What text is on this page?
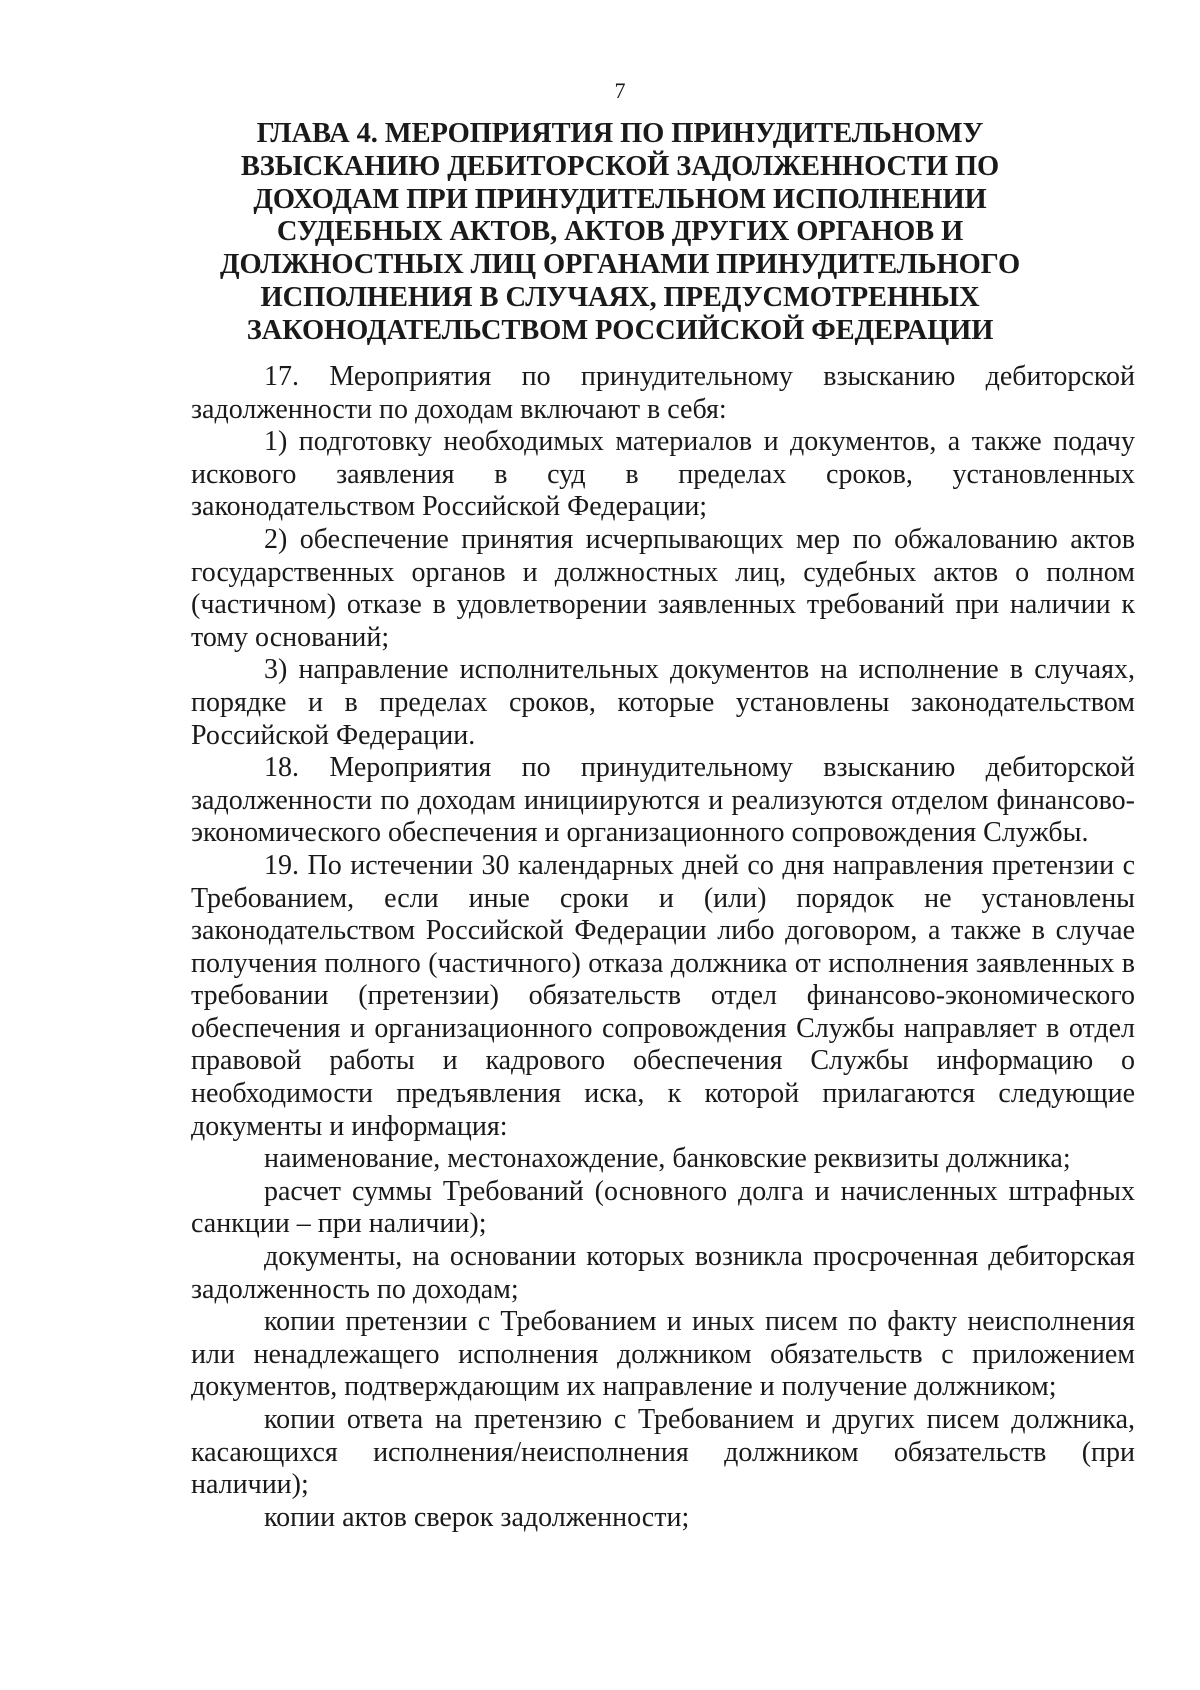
7
ГЛАВА 4. МЕРОПРИЯТИЯ ПО ПРИНУДИТЕЛЬНОМУ ВЗЫСКАНИЮ ДЕБИТОРСКОЙ ЗАДОЛЖЕННОСТИ ПО ДОХОДАМ ПРИ ПРИНУДИТЕЛЬНОМ ИСПОЛНЕНИИ СУДЕБНЫХ АКТОВ, АКТОВ ДРУГИХ ОРГАНОВ И ДОЛЖНОСТНЫХ ЛИЦ ОРГАНАМИ ПРИНУДИТЕЛЬНОГО ИСПОЛНЕНИЯ В СЛУЧАЯХ, ПРЕДУСМОТРЕННЫХ ЗАКОНОДАТЕЛЬСТВОМ РОССИЙСКОЙ ФЕДЕРАЦИИ

17. Мероприятия по принудительному взысканию дебиторской задолженности по доходам включают в себя:

1) подготовку необходимых материалов и документов, а также подачу искового заявления в суд в пределах сроков, установленных законодательством Российской Федерации;

2) обеспечение принятия исчерпывающих мер по обжалованию актов государственных органов и должностных лиц, судебных актов о полном (частичном) отказе в удовлетворении заявленных требований при наличии к тому оснований;

3) направление исполнительных документов на исполнение в случаях, порядке и в пределах сроков, которые установлены законодательством Российской Федерации.

18. Мероприятия по принудительному взысканию дебиторской задолженности по доходам инициируются и реализуются отделом финансово-экономического обеспечения и организационного сопровождения Службы.

19. По истечении 30 календарных дней со дня направления претензии с Требованием, если иные сроки и (или) порядок не установлены законодательством Российской Федерации либо договором, а также в случае получения полного (частичного) отказа должника от исполнения заявленных в требовании (претензии) обязательств отдел финансово-экономического обеспечения и организационного сопровождения Службы направляет в отдел правовой работы и кадрового обеспечения Службы информацию о необходимости предъявления иска, к которой прилагаются следующие документы и информация:

наименование, местонахождение, банковские реквизиты должника;

расчет суммы Требований (основного долга и начисленных штрафных санкции – при наличии);

документы, на основании которых возникла просроченная дебиторская задолженность по доходам;

копии претензии с Требованием и иных писем по факту неисполнения или ненадлежащего исполнения должником обязательств с приложением документов, подтверждающим их направление и получение должником;

копии ответа на претензию с Требованием и других писем должника, касающихся исполнения/неисполнения должником обязательств (при наличии);

копии актов сверок задолженности;
